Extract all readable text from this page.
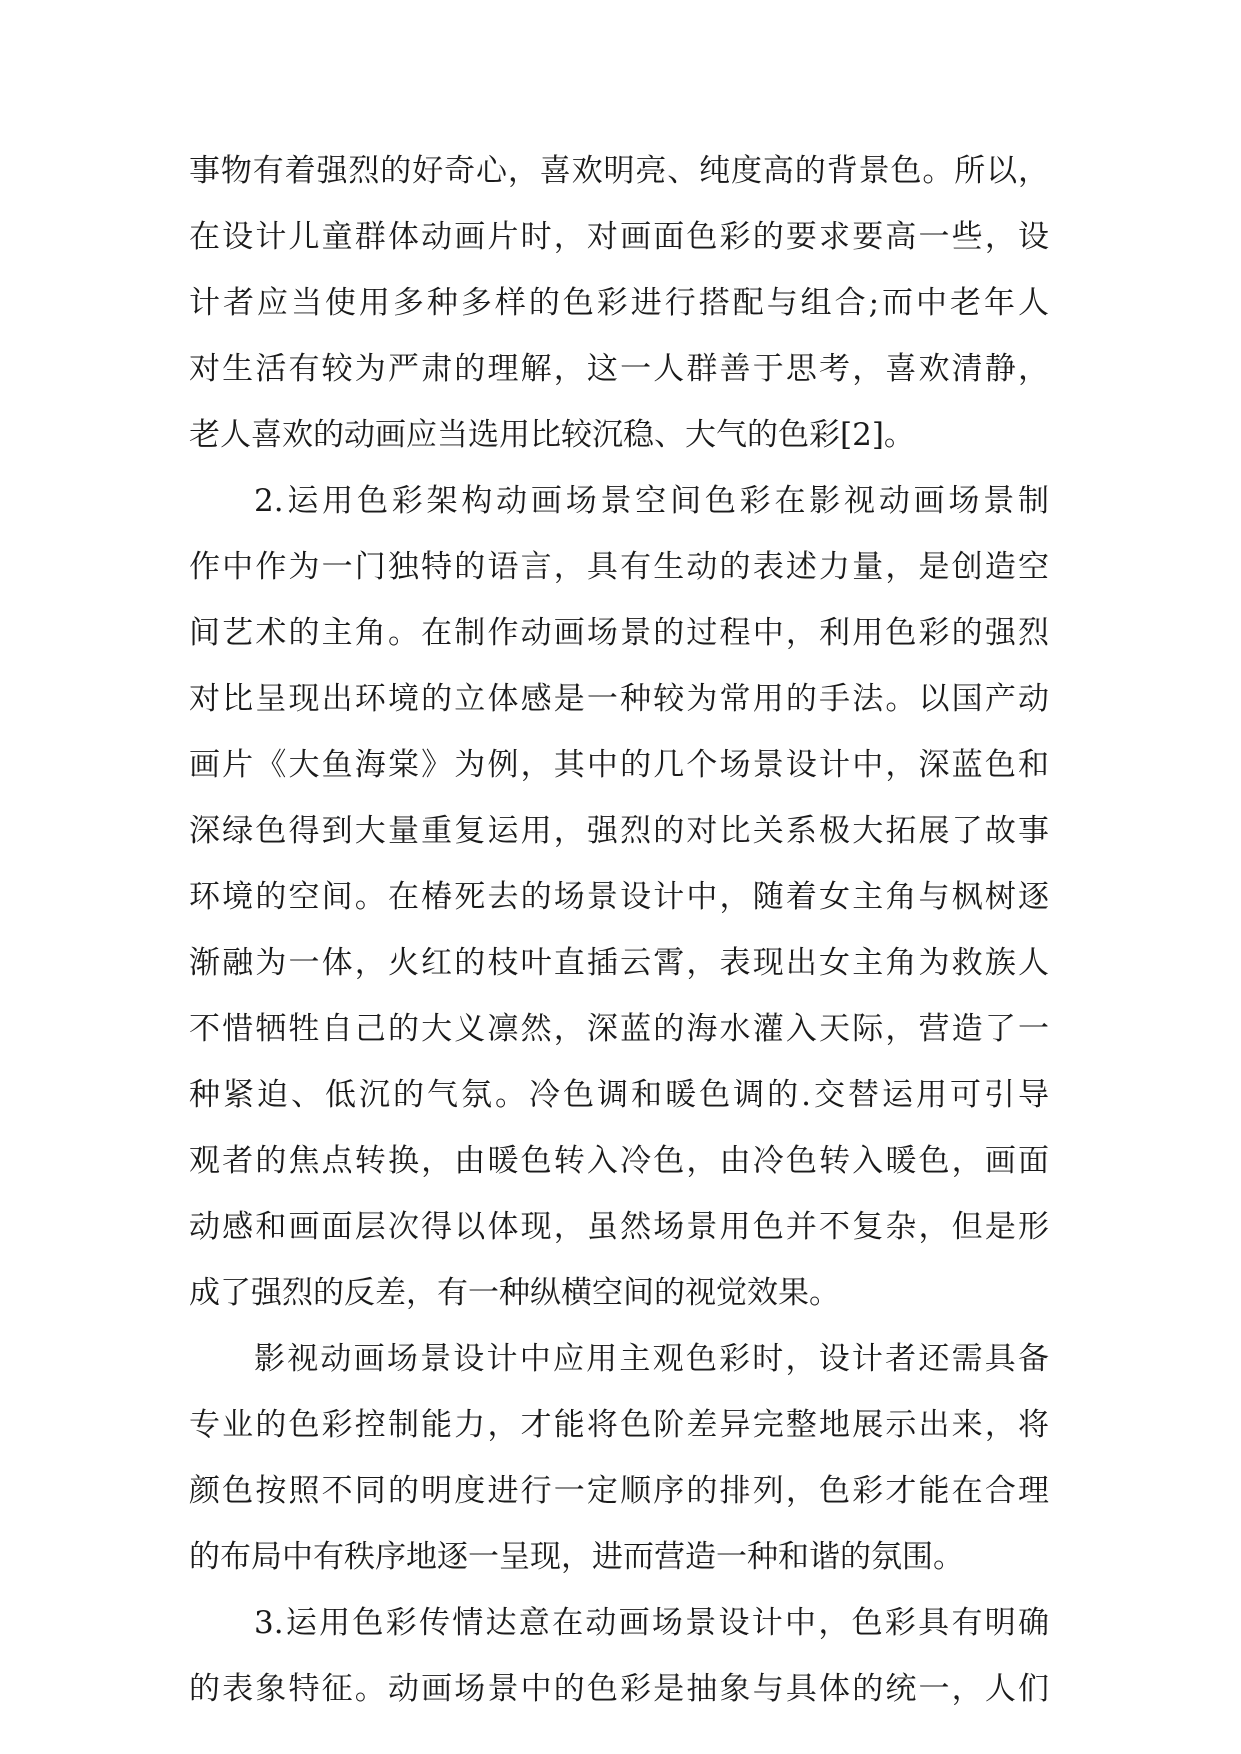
事物有着强烈的好奇心，喜欢明亮、纯度高的背景色。所以，
在设计儿童群体动画片时，对画面色彩的要求要高一些，设
计者应当使用多种多样的色彩进行搭配与组合;而中老年人
对生活有较为严肃的理解，这一人群善于思考，喜欢清静，
老人喜欢的动画应当选用比较沉稳、大气的色彩[2]。
2.运用色彩架构动画场景空间色彩在影视动画场景制
作中作为一门独特的语言，具有生动的表述力量，是创造空
间艺术的主角。在制作动画场景的过程中，利用色彩的强烈
对比呈现出环境的立体感是一种较为常用的手法。以国产动
画片《大鱼海棠》为例，其中的几个场景设计中，深蓝色和
深绿色得到大量重复运用，强烈的对比关系极大拓展了故事
环境的空间。在椿死去的场景设计中，随着女主角与枫树逐
渐融为一体，火红的枝叶直插云霄，表现出女主角为救族人
不惜牺牲自己的大义凛然，深蓝的海水灌入天际，营造了一
种紧迫、低沉的气氛。冷色调和暖色调的.交替运用可引导
观者的焦点转换，由暖色转入冷色，由冷色转入暖色，画面
动感和画面层次得以体现，虽然场景用色并不复杂，但是形
成了强烈的反差，有一种纵横空间的视觉效果。
影视动画场景设计中应用主观色彩时，设计者还需具备
专业的色彩控制能力，才能将色阶差异完整地展示出来，将
颜色按照不同的明度进行一定顺序的排列，色彩才能在合理
的布局中有秩序地逐一呈现，进而营造一种和谐的氛围。
3.运用色彩传情达意在动画场景设计中，色彩具有明确
的表象特征。动画场景中的色彩是抽象与具体的统一，人们
